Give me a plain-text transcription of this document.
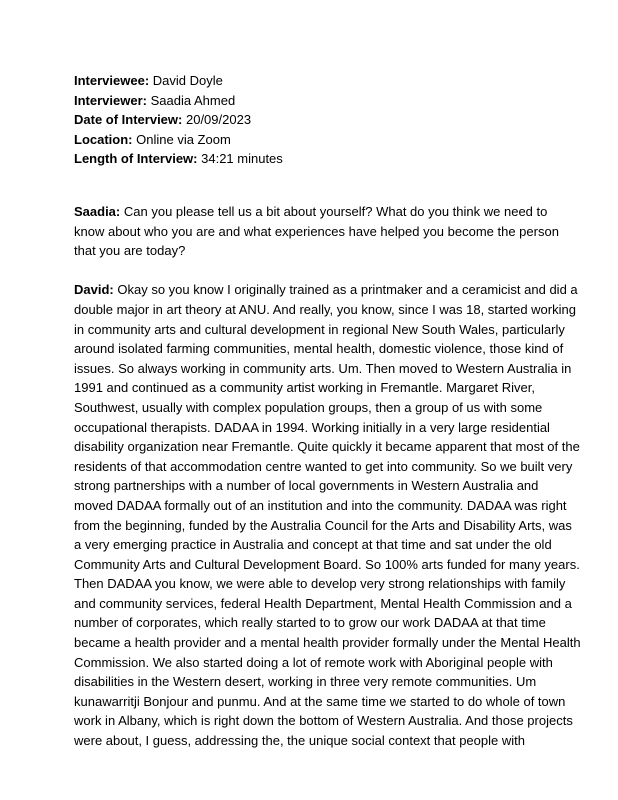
Interviewee: David Doyle
Interviewer: Saadia Ahmed
Date of Interview: 20/09/2023
Location: Online via Zoom
Length of Interview: 34:21 minutes
Saadia: Can you please tell us a bit about yourself? What do you think we need to
know about who you are and what experiences have helped you become the person
that you are today?
David: Okay so you know I originally trained as a printmaker and a ceramicist and did a
double major in art theory at ANU. And really, you know, since I was 18, started working
in community arts and cultural development in regional New South Wales, particularly
around isolated farming communities, mental health, domestic violence, those kind of
issues. So always working in community arts. Um. Then moved to Western Australia in
1991 and continued as a community artist working in Fremantle. Margaret River,
Southwest, usually with complex population groups, then a group of us with some
occupational therapists. DADAA in 1994. Working initially in a very large residential
disability organization near Fremantle. Quite quickly it became apparent that most of the
residents of that accommodation centre wanted to get into community. So we built very
strong partnerships with a number of local governments in Western Australia and
moved DADAA formally out of an institution and into the community. DADAA was right
from the beginning, funded by the Australia Council for the Arts and Disability Arts, was
a very emerging practice in Australia and concept at that time and sat under the old
Community Arts and Cultural Development Board. So 100% arts funded for many years.
Then DADAA you know, we were able to develop very strong relationships with family
and community services, federal Health Department, Mental Health Commission and a
number of corporates, which really started to to grow our work DADAA at that time
became a health provider and a mental health provider formally under the Mental Health
Commission. We also started doing a lot of remote work with Aboriginal people with
disabilities in the Western desert, working in three very remote communities. Um
kunawarritji Bonjour and punmu. And at the same time we started to do whole of town
work in Albany, which is right down the bottom of Western Australia. And those projects
were about, I guess, addressing the, the unique social context that people with
